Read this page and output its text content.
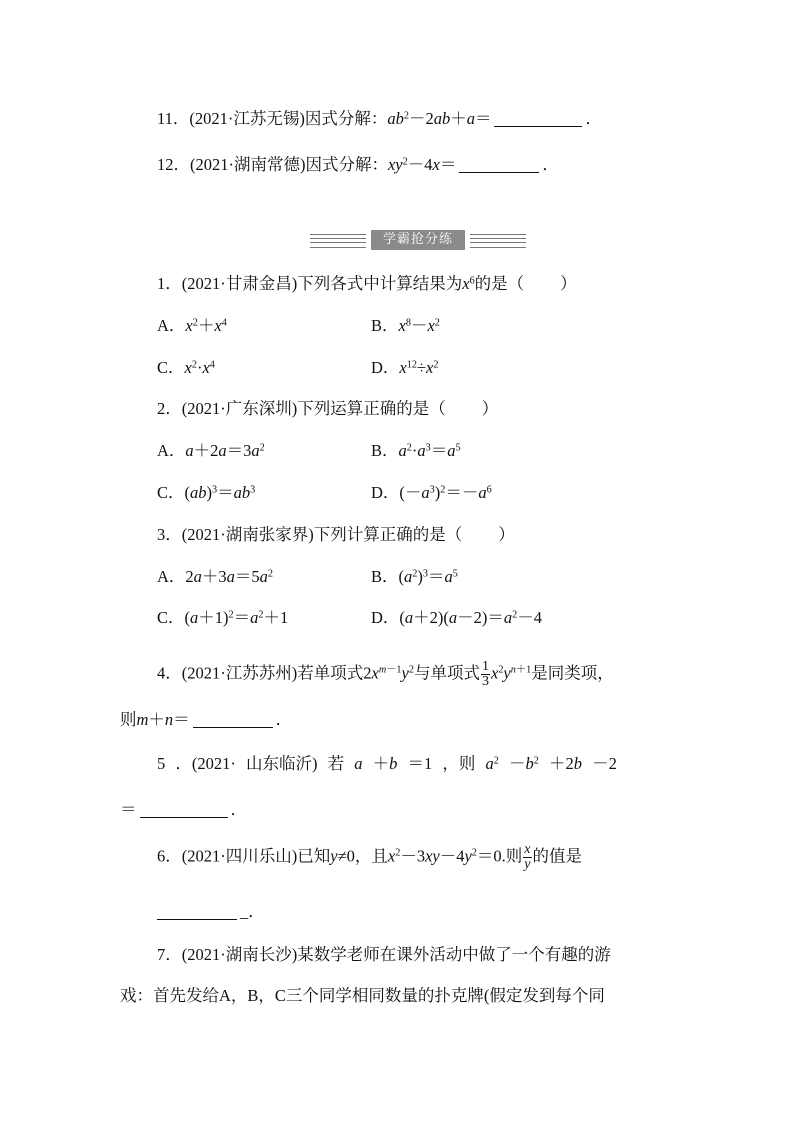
11．(2021·江苏无锡)因式分解：$ab^2-2ab+a=$	．
12．(2021·湖南常德)因式分解：$xy^2-4x=$	．
学霸抢分练
1．(2021·甘肃金昌)下列各式中计算结果为$x^6$的是（ ）
A．$x^2+x^4$	B．$x^8-x^2$
C．$x^2\cdot x^4$	D．$x^{12}\div x^2$
2．(2021·广东深圳)下列运算正确的是（ ）
A．$a+2a=3a^2$	B．$a^2\cdot a^3=a^5$
C．$(ab)^3=ab^3$	D．$(-a^3)^2=-a^6$
3．(2021·湖南张家界)下列计算正确的是（ ）
A．$2a+3a=5a^2$	B．$(a^2)^3=a^5$
C．$(a+1)^2=a^2+1$	D．$(a+2)(a-2)=a^2-4$
4．(2021·江苏苏州)若单项式$2x^{m-1}y^2$与单项式 $\frac{1}{3} x^2y^{n+1}$是同类项，
则m＋n＝	．
5 ．(2021· 山东临沂) 若 a ＋b ＝1 ，则 $a^2 -b^2 +2b -2$
＝	．
6．(2021·四川乐山)已知y≠0，且$x^2-3xy-4y^2=0$.则 $\frac{x}{y}$ 的值是
_．
7．(2021·湖南长沙)某数学老师在课外活动中做了一个有趣的游
戏：首先发给A，B，C三个同学相同数量的扑克牌(假定发到每个同
